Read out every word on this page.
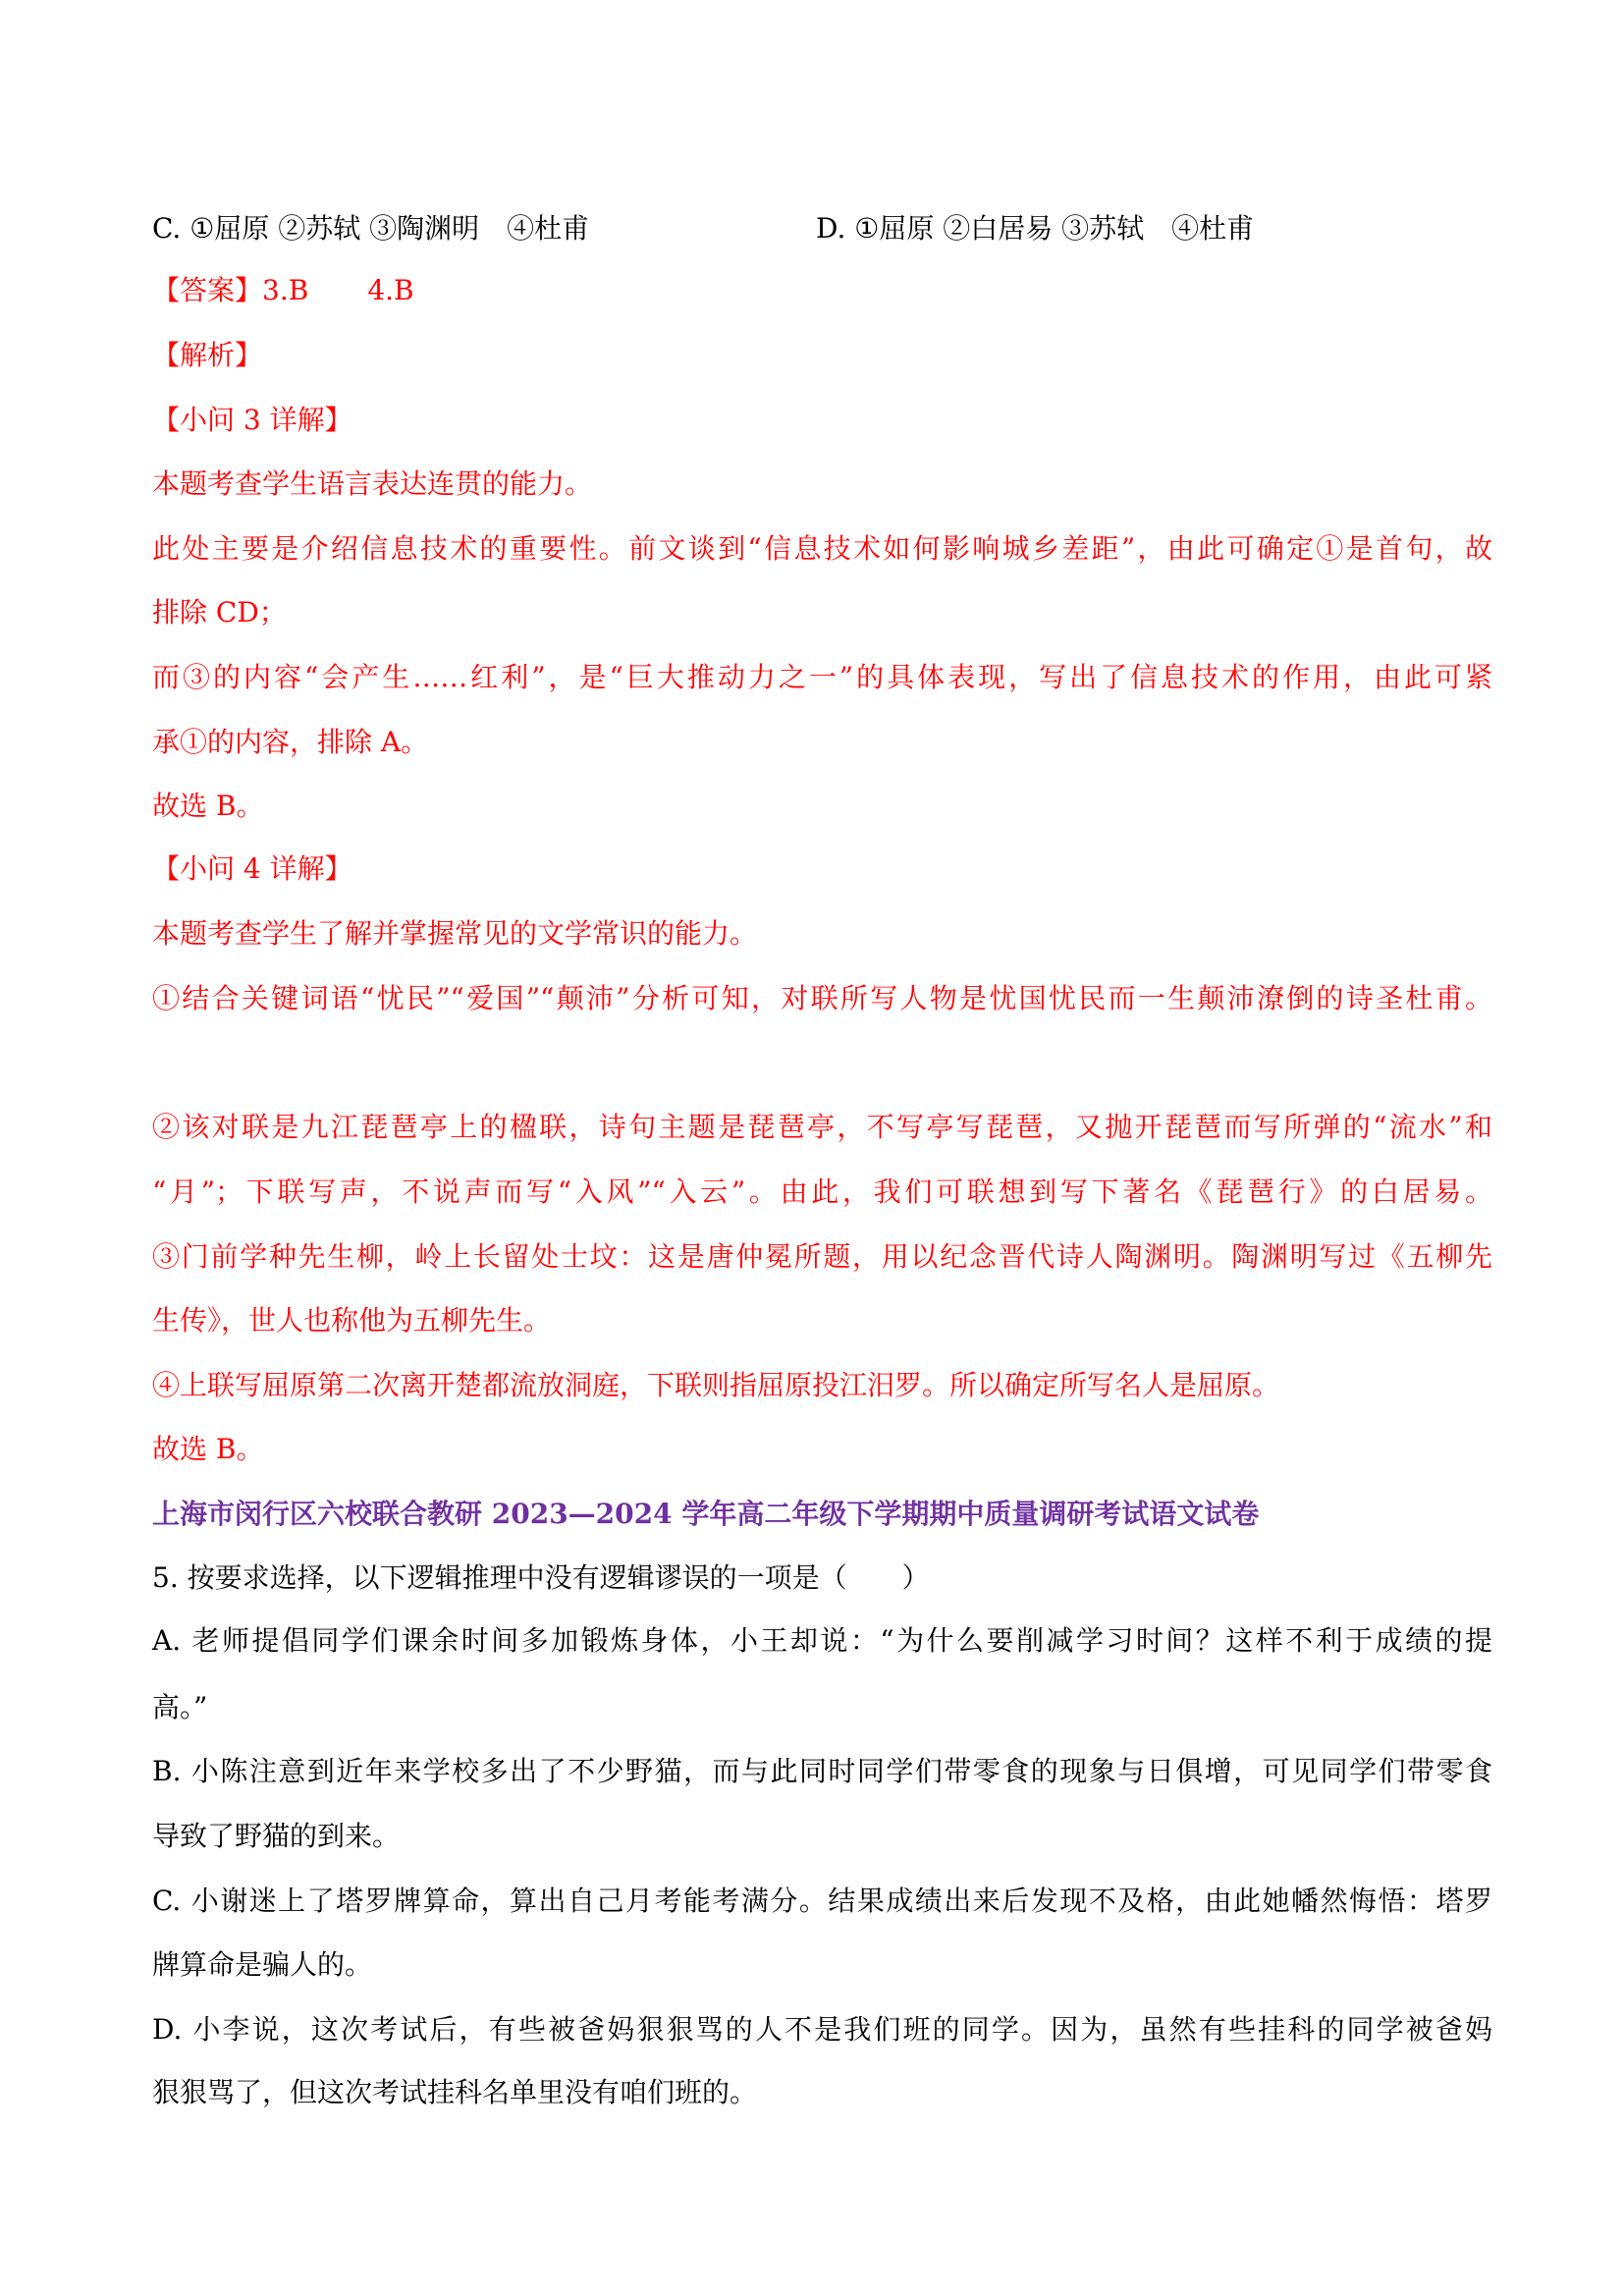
C. ①屈原 ②苏轼 ③陶渊明　④杜甫	D. ①屈原 ②白居易 ③苏轼　④杜甫
【答案】3.B 4.B
【解析】
【小问 3 详解】
本题考查学生语言表达连贯的能力。
此处主要是介绍信息技术的重要性。前文谈到“信息技术如何影响城乡差距”，由此可确定①是首句，故
排除 CD；
而③的内容“会产生……红利”，是“巨大推动力之一”的具体表现，写出了信息技术的作用，由此可紧
承①的内容，排除 A。
故选 B。
【小问 4 详解】
本题考查学生了解并掌握常见的文学常识的能力。
①结合关键词语“忧民”“爱国”“颠沛”分析可知，对联所写人物是忧国忧民而一生颠沛潦倒的诗圣杜甫。
②该对联是九江琵琶亭上的楹联，诗句主题是琵琶亭，不写亭写琵琶，又抛开琵琶而写所弹的“流水”和
“月”；下联写声，不说声而写“入风”“入云”。由此，我们可联想到写下著名《琵琶行》的白居易。
③门前学种先生柳，岭上长留处士坟：这是唐仲冕所题，用以纪念晋代诗人陶渊明。陶渊明写过《五柳先
生传》，世人也称他为五柳先生。
④上联写屈原第二次离开楚都流放洞庭，下联则指屈原投江汨罗。所以确定所写名人是屈原。
故选 B。
上海市闵行区六校联合教研 2023—2024 学年高二年级下学期期中质量调研考试语文试卷
5. 按要求选择，以下逻辑推理中没有逻辑谬误的一项是（　　）
A. 老师提倡同学们课余时间多加锻炼身体，小王却说：“为什么要削减学习时间？这样不利于成绩的提
高。”
B. 小陈注意到近年来学校多出了不少野猫，而与此同时同学们带零食的现象与日俱增，可见同学们带零食
导致了野猫的到来。
C. 小谢迷上了塔罗牌算命，算出自己月考能考满分。结果成绩出来后发现不及格，由此她幡然悔悟：塔罗
牌算命是骗人的。
D. 小李说，这次考试后，有些被爸妈狠狠骂的人不是我们班的同学。因为，虽然有些挂科的同学被爸妈
狠狠骂了，但这次考试挂科名单里没有咱们班的。
